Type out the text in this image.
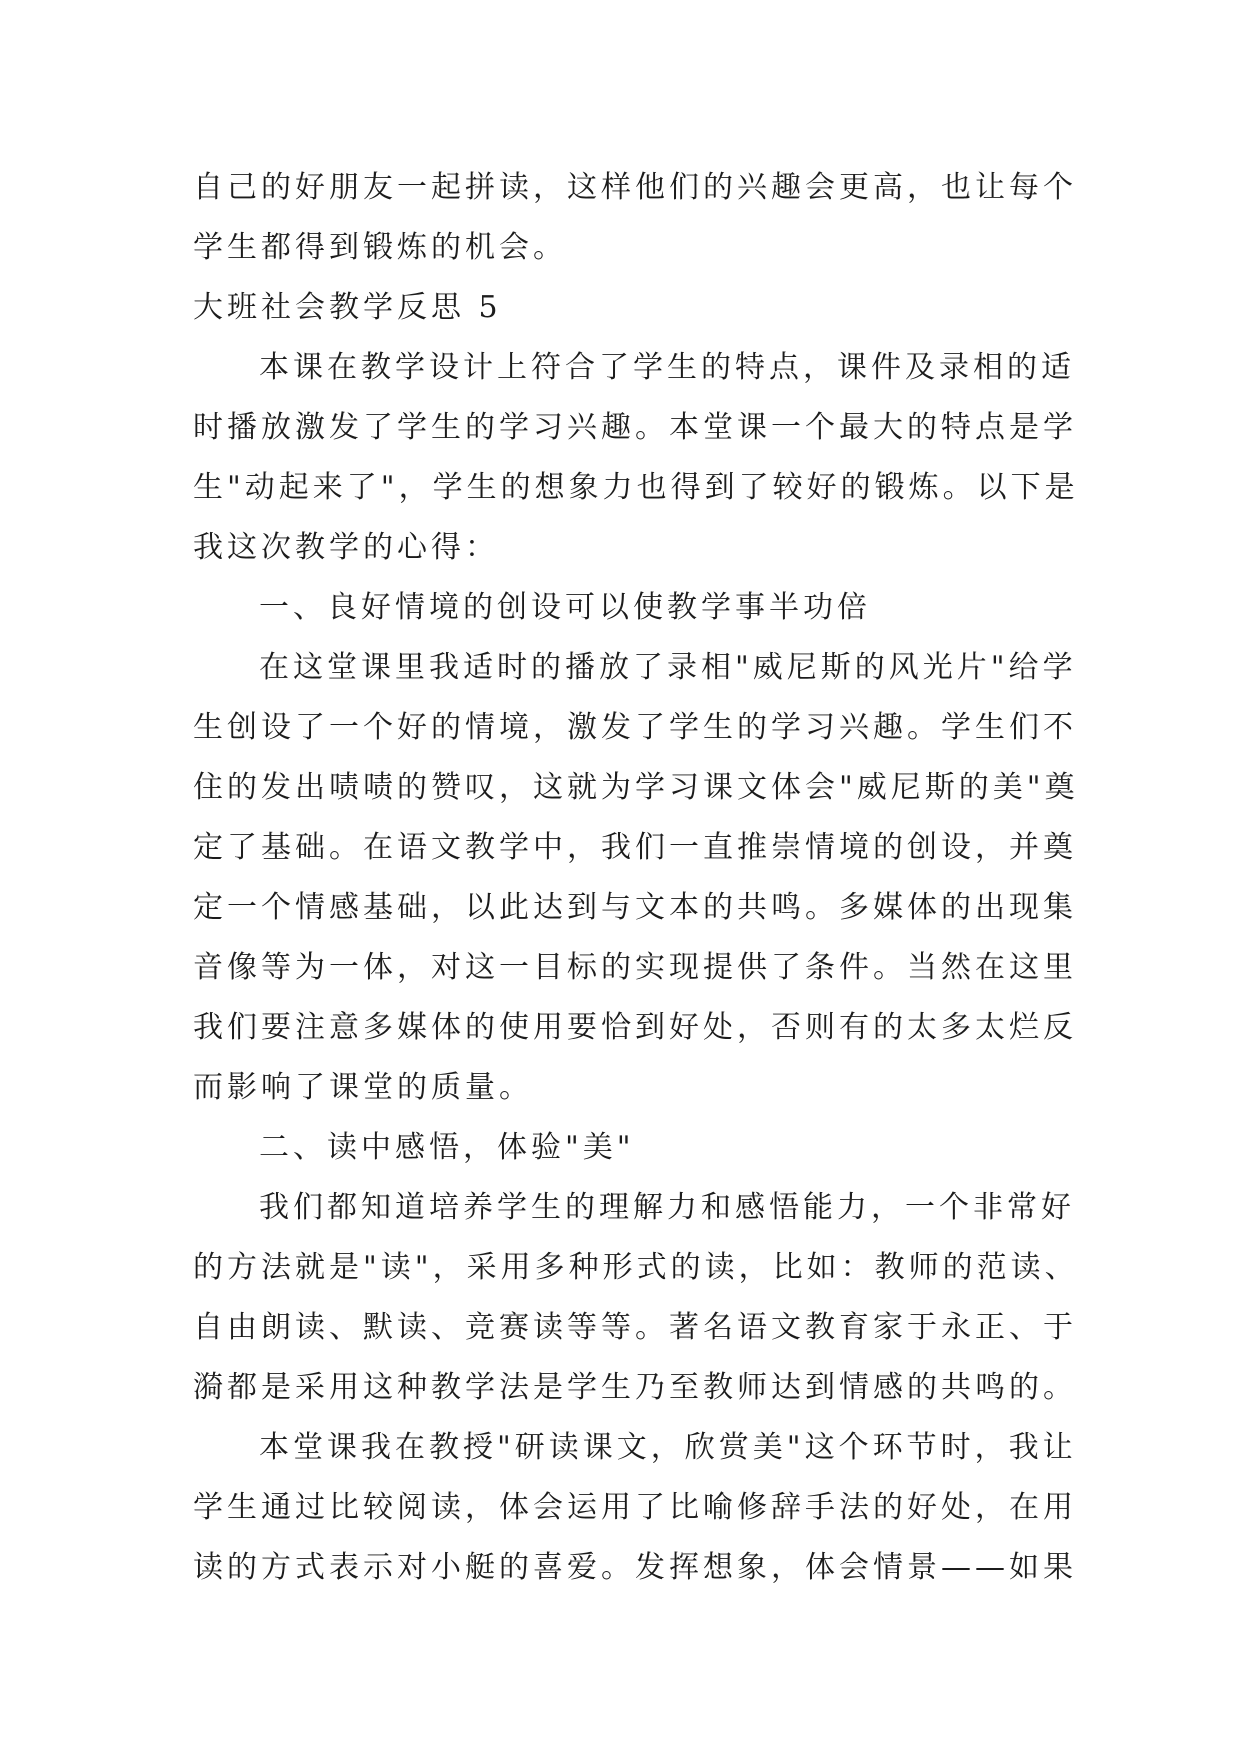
自己的好朋友一起拼读，这样他们的兴趣会更高，也让每个
学生都得到锻炼的机会。
大班社会教学反思 5
本课在教学设计上符合了学生的特点，课件及录相的适
时播放激发了学生的学习兴趣。本堂课一个最大的特点是学
生"动起来了"，学生的想象力也得到了较好的锻炼。以下是
我这次教学的心得：
一、良好情境的创设可以使教学事半功倍
在这堂课里我适时的播放了录相"威尼斯的风光片"给学
生创设了一个好的情境，激发了学生的学习兴趣。学生们不
住的发出啧啧的赞叹，这就为学习课文体会"威尼斯的美"奠
定了基础。在语文教学中，我们一直推崇情境的创设，并奠
定一个情感基础，以此达到与文本的共鸣。多媒体的出现集
音像等为一体，对这一目标的实现提供了条件。当然在这里
我们要注意多媒体的使用要恰到好处，否则有的太多太烂反
而影响了课堂的质量。
二、读中感悟，体验"美"
我们都知道培养学生的理解力和感悟能力，一个非常好
的方法就是"读"，采用多种形式的读，比如：教师的范读、
自由朗读、默读、竞赛读等等。著名语文教育家于永正、于
漪都是采用这种教学法是学生乃至教师达到情感的共鸣的。
本堂课我在教授"研读课文，欣赏美"这个环节时，我让
学生通过比较阅读，体会运用了比喻修辞手法的好处，在用
读的方式表示对小艇的喜爱。发挥想象，体会情景——如果
